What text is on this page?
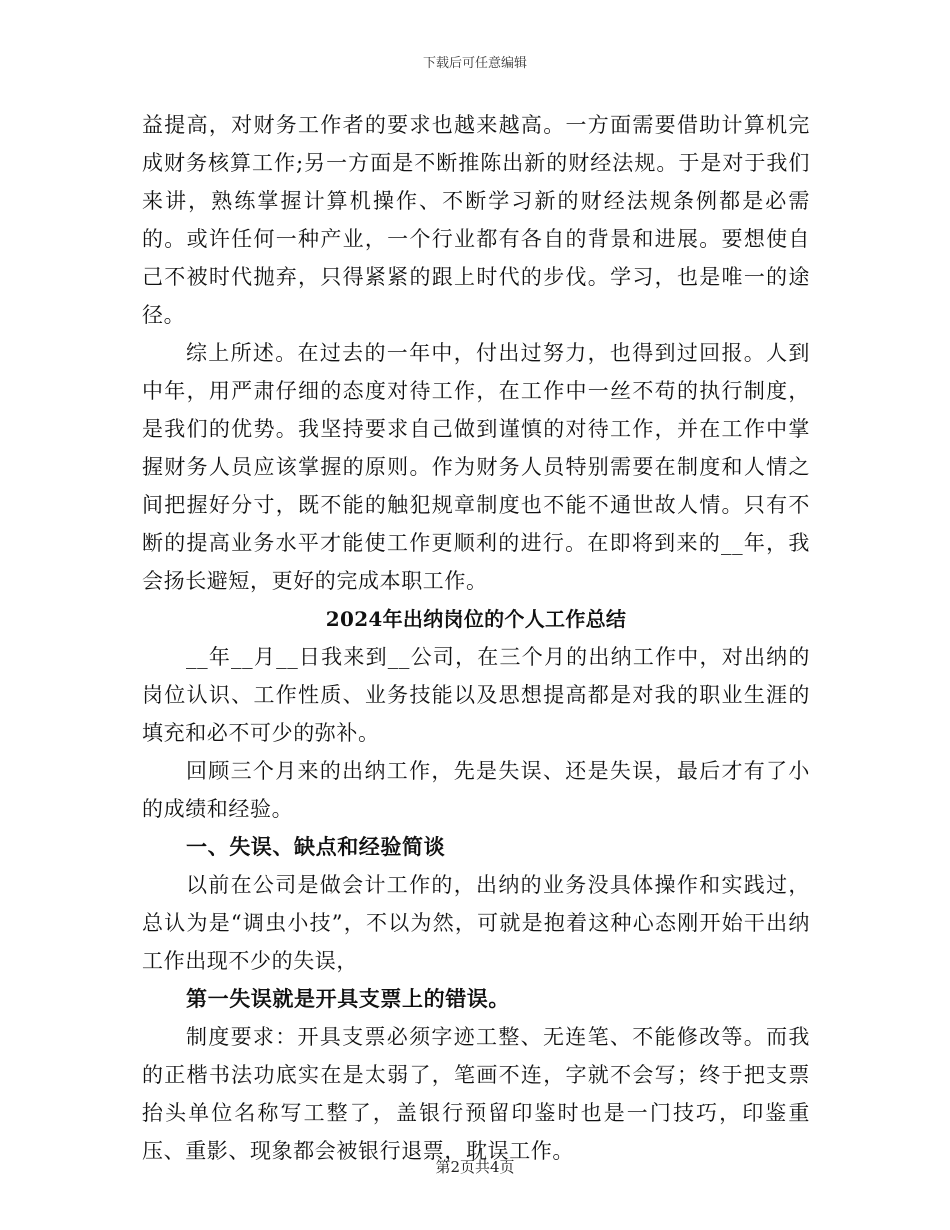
下载后可任意编辑

益提高，对财务工作者的要求也越来越高。一方面需要借助计算机完成财务核算工作;另一方面是不断推陈出新的财经法规。于是对于我们来讲，熟练掌握计算机操作、不断学习新的财经法规条例都是必需的。或许任何一种产业，一个行业都有各自的背景和进展。要想使自己不被时代抛弃，只得紧紧的跟上时代的步伐。学习，也是唯一的途径。

综上所述。在过去的一年中，付出过努力，也得到过回报。人到中年，用严肃仔细的态度对待工作，在工作中一丝不苟的执行制度，是我们的优势。我坚持要求自己做到谨慎的对待工作，并在工作中掌握财务人员应该掌握的原则。作为财务人员特别需要在制度和人情之间把握好分寸，既不能的触犯规章制度也不能不通世故人情。只有不断的提高业务水平才能使工作更顺利的进行。在即将到来的__年，我会扬长避短，更好的完成本职工作。

2024年出纳岗位的个人工作总结

__年__月__日我来到__公司，在三个月的出纳工作中，对出纳的岗位认识、工作性质、业务技能以及思想提高都是对我的职业生涯的填充和必不可少的弥补。

回顾三个月来的出纳工作，先是失误、还是失误，最后才有了小的成绩和经验。

一、失误、缺点和经验简谈

以前在公司是做会计工作的，出纳的业务没具体操作和实践过，总认为是“调虫小技”，不以为然，可就是抱着这种心态刚开始干出纳工作出现不少的失误，

第一失误就是开具支票上的错误。

制度要求：开具支票必须字迹工整、无连笔、不能修改等。而我的正楷书法功底实在是太弱了，笔画不连，字就不会写；终于把支票抬头单位名称写工整了，盖银行预留印鉴时也是一门技巧，印鉴重压、重影、现象都会被银行退票，耽误工作。

第2页共4页
